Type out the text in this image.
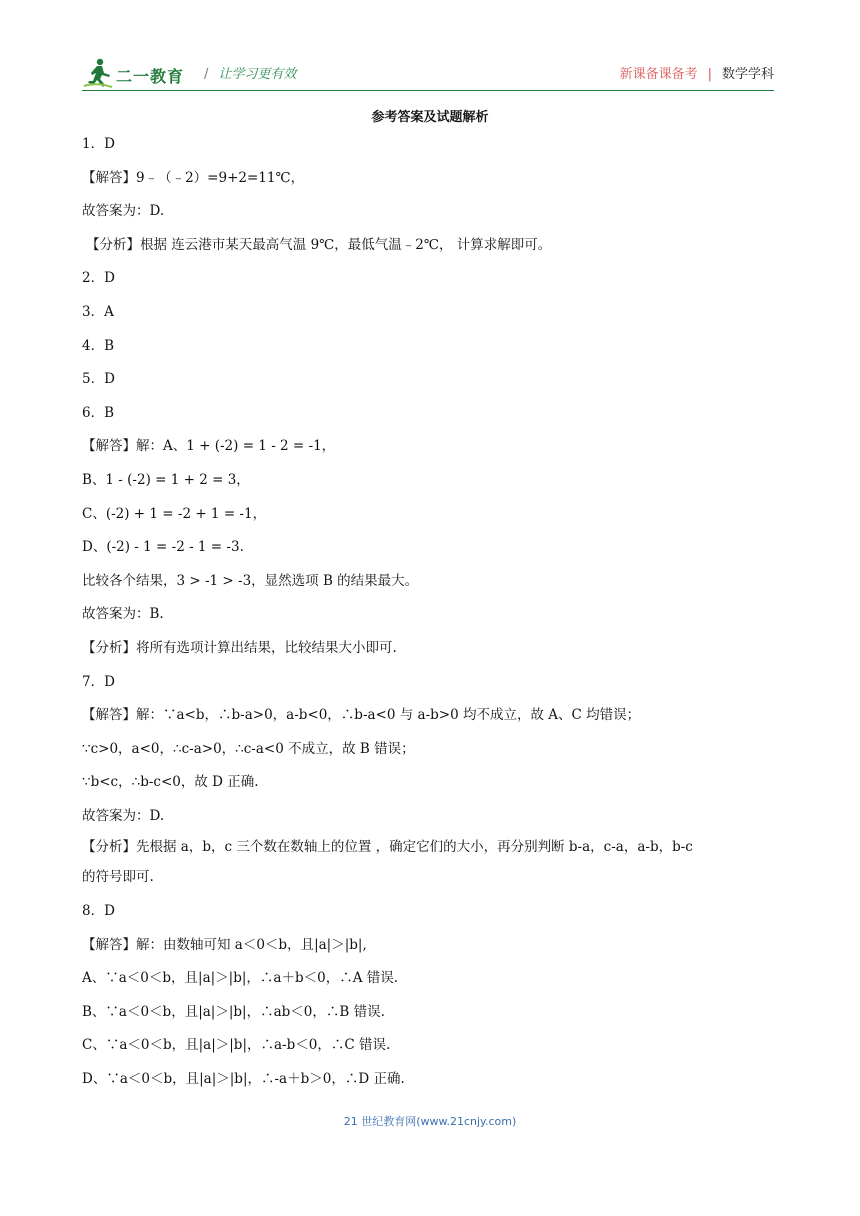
二一教育 / 让学习更有效	新课备课备考 | 数学学科
参考答案及试题解析
1．D
【解答】9﹣（﹣2）=9+2=11℃，
故答案为：D.
【分析】根据 连云港市某天最高气温 9℃，最低气温﹣2℃， 计算求解即可。
2．D
3．A
4．B
5．D
6．B
【解答】解：A、1 + (-2) = 1 - 2 = -1，
B、1 - (-2) = 1 + 2 = 3，
C、(-2) + 1 = -2 + 1 = -1，
D、(-2) - 1 = -2 - 1 = -3.
比较各个结果，3 > -1 > -3，显然选项 B 的结果最大。
故答案为：B.
【分析】将所有选项计算出结果，比较结果大小即可.
7．D
【解答】解：∵a<b，∴b-a>0，a-b<0，∴b-a<0 与 a-b>0 均不成立，故 A、C 均错误；
∵c>0，a<0，∴c-a>0，∴c-a<0 不成立，故 B 错误；
∵b<c，∴b-c<0，故 D 正确.
故答案为：D.
【分析】先根据 a，b，c 三个数在数轴上的位置 ，确定它们的大小，再分别判断 b-a，c-a，a-b，b-c
的符号即可.
8．D
【解答】解：由数轴可知 a＜0＜b，且|a|＞|b|,
A、∵a＜0＜b，且|a|＞|b|，∴a＋b＜0，∴A 错误.
B、∵a＜0＜b，且|a|＞|b|，∴ab＜0，∴B 错误.
C、∵a＜0＜b，且|a|＞|b|，∴a-b＜0，∴C 错误.
D、∵a＜0＜b，且|a|＞|b|，∴-a＋b＞0，∴D 正确.
21 世纪教育网(www.21cnjy.com)
